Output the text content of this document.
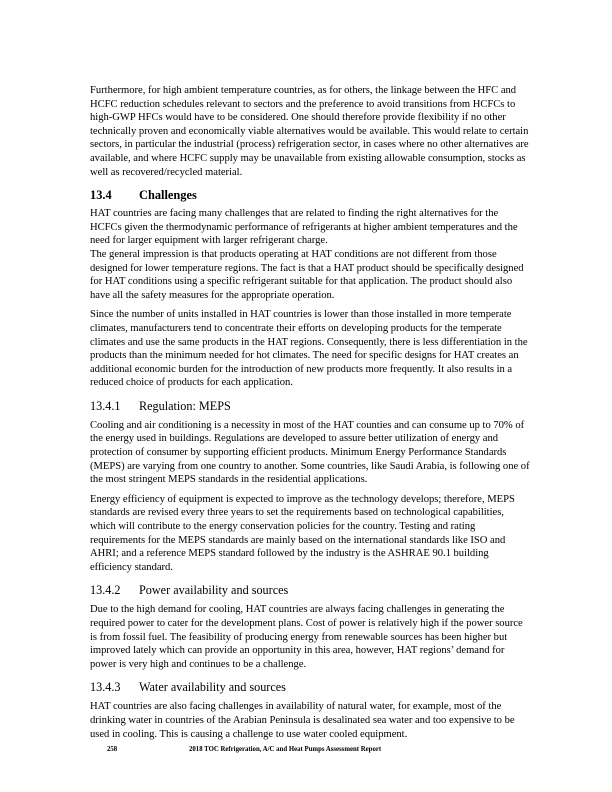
Furthermore, for high ambient temperature countries, as for others, the linkage between the HFC and HCFC reduction schedules relevant to sectors and the preference to avoid transitions from HCFCs to high-GWP HFCs would have to be considered. One should therefore provide flexibility if no other technically proven and economically viable alternatives would be available. This would relate to certain sectors, in particular the industrial (process) refrigeration sector, in cases where no other alternatives are available, and where HCFC supply may be unavailable from existing allowable consumption, stocks as well as recovered/recycled material.

13.4	Challenges

HAT countries are facing many challenges that are related to finding the right alternatives for the HCFCs given the thermodynamic performance of refrigerants at higher ambient temperatures and the need for larger equipment with larger refrigerant charge.

The general impression is that products operating at HAT conditions are not different from those designed for lower temperature regions. The fact is that a HAT product should be specifically designed for HAT conditions using a specific refrigerant suitable for that application. The product should also have all the safety measures for the appropriate operation.

Since the number of units installed in HAT countries is lower than those installed in more temperate climates, manufacturers tend to concentrate their efforts on developing products for the temperate climates and use the same products in the HAT regions. Consequently, there is less differentiation in the products than the minimum needed for hot climates. The need for specific designs for HAT creates an additional economic burden for the introduction of new products more frequently. It also results in a reduced choice of products for each application.

13.4.1	Regulation: MEPS

Cooling and air conditioning is a necessity in most of the HAT counties and can consume up to 70% of the energy used in buildings. Regulations are developed to assure better utilization of energy and protection of consumer by supporting efficient products. Minimum Energy Performance Standards (MEPS) are varying from one country to another. Some countries, like Saudi Arabia, is following one of the most stringent MEPS standards in the residential applications.

Energy efficiency of equipment is expected to improve as the technology develops; therefore, MEPS standards are revised every three years to set the requirements based on technological capabilities, which will contribute to the energy conservation policies for the country. Testing and rating requirements for the MEPS standards are mainly based on the international standards like ISO and AHRI; and a reference MEPS standard followed by the industry is the ASHRAE 90.1 building efficiency standard.

13.4.2	Power availability and sources

Due to the high demand for cooling, HAT countries are always facing challenges in generating the required power to cater for the development plans. Cost of power is relatively high if the power source is from fossil fuel. The feasibility of producing energy from renewable sources has been higher but improved lately which can provide an opportunity in this area, however, HAT regions’ demand for power is very high and continues to be a challenge.

13.4.3	Water availability and sources

HAT countries are also facing challenges in availability of natural water, for example, most of the drinking water in countries of the Arabian Peninsula is desalinated sea water and too expensive to be used in cooling. This is causing a challenge to use water cooled equipment.

258	2018 TOC Refrigeration, A/C and Heat Pumps Assessment Report
